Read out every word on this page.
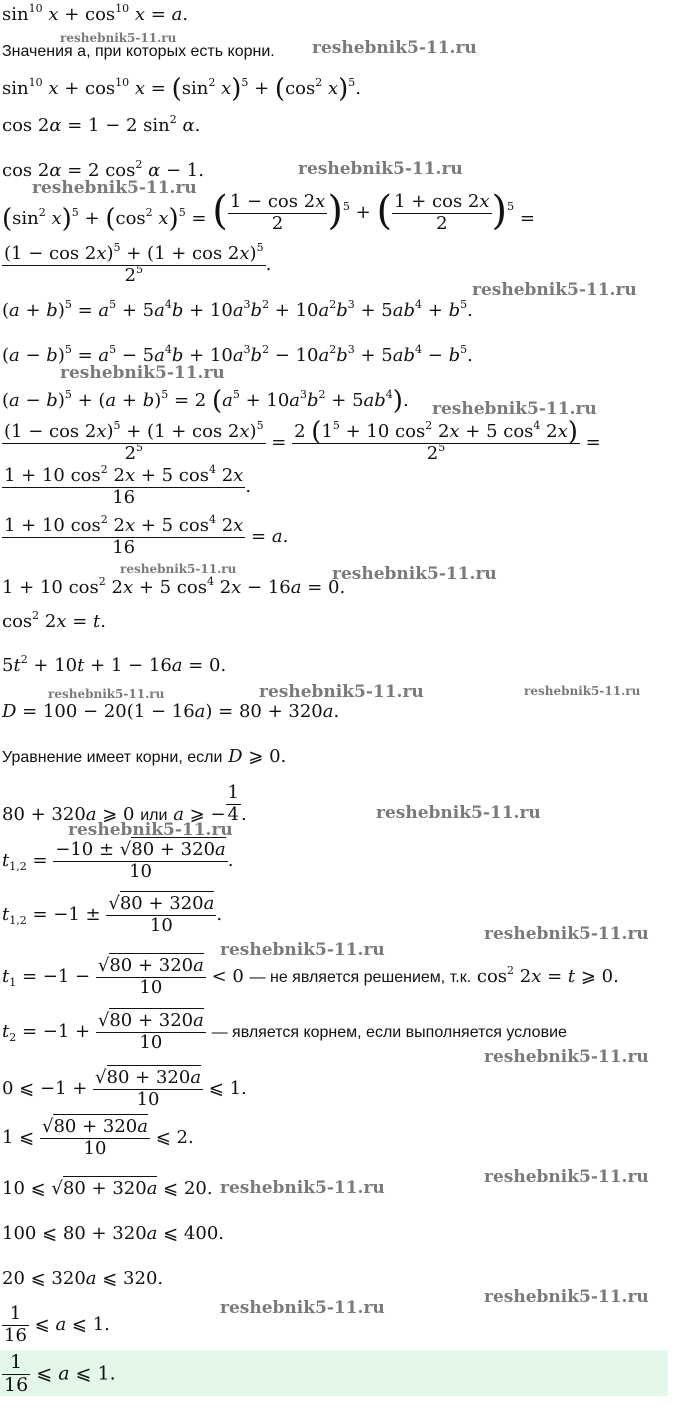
$\sin^{10} x + \cos^{10} x = a$.
Значения a, при которых есть корни.
$\sin^{10} x + \cos^{10} x = (\sin^2$ $x)^5 + (\cos^2$ x)$^5$.
cos 2α = 1 − 2 $\sin^2 \alpha$.
cos 2α = 2 $\cos^2 \alpha - 1$.
($\sin^2$ $x)^5 + (\cos^2$ x)$^5$ = ( $\frac{1 - \cos 2x}{2} )^5$ + ( $\frac{1 + \cos 2x}{2} )^5$ =
$\frac{(1 - \cos 2x)^5 + (1 + \cos 2x)^5}{2^5}$ .
$(a + b)^5 = a^5 + 5a^4b + 10a^3b^2 + 10a^2b^3 + 5ab^4 + b^5$.
$(a - b)^5 = a^5 - 5a^4b + 10a^3b^2 - 10a^2b^3 + 5ab^4 - b^5$.
$(a - b)^5 + (a + b)^5 = 2$ $(a^5 + 10a^3b^2 + 5ab^4)$.
$\frac{(1 - \cos 2x)^5 + (1 + \cos 2x)^5}{2^5} = \frac{2 (1^5 + 10 \cos^2 2x + 5 \cos^4 2x)}{2^5}$ =
$\frac{1 + 10 \cos^2 2x + 5 \cos^4 2x}{16}$ .
$\frac{1 + 10 \cos^2 2x + 5 \cos^4 2x}{16} = a$.
1 + 10 $\cos^2 2x + 5$ $\cos^4 2x - 16a = 0$.
$\cos^2 2x = t$.
$5t^2 + 10t + 1 - 16a = 0$.
D = 100 − 20(1 − 16a) = 80 + 320a.
Уравнение имеет корни, если D ⩾ 0.
80 + 320a ⩾ 0 или a ⩾ − $\frac{1}{4}$ .
$t_{1,2} = \frac{-10 \pm √80 + 320a}{10}$ .
$t_{1,2} = -1 \pm \frac{√80 + 320a}{10}$ .
$t_1 = -1 - \frac{√80 + 320a}{10} < 0$ — не является решением, т.к. $\cos^2 2x = t$ ⩾ 0.
$t_2 = -1 + \frac{√80 + 320a}{10}$ — является корнем, если выполняется условие
0 ⩽ $-1 + \frac{√80 + 320a}{10}$ ⩽ 1.
1 ⩽ $\frac{√80 + 320a}{10}$ ⩽ 2.
10 ⩽ √80 + 320a ⩽ 20.
100 ⩽ 80 + 320a ⩽ 400.
20 ⩽ 320a ⩽ 320.
$\frac{1}{16}$ ⩽ a ⩽ 1.
$\frac{1}{16}$ ⩽ a ⩽ 1.
reshebnik5-11.ru	reshebnik5-11.ru
reshebnik5-11.ru
reshebnik5-11.ru
reshebnik5-11.ru
reshebnik5-11.ru
reshebnik5-11.ru
reshebnik5-11.ru	reshebnik5-11.ru
reshebnik5-11.ru	reshebnik5-11.ru	reshebnik5-11.ru
reshebnik5-11.ru
reshebnik5-11.ru
reshebnik5-11.ru
reshebnik5-11.ru
reshebnik5-11.ru
reshebnik5-11.ru
reshebnik5-11.ru
reshebnik5-11.ru
reshebnik5-11.ru
